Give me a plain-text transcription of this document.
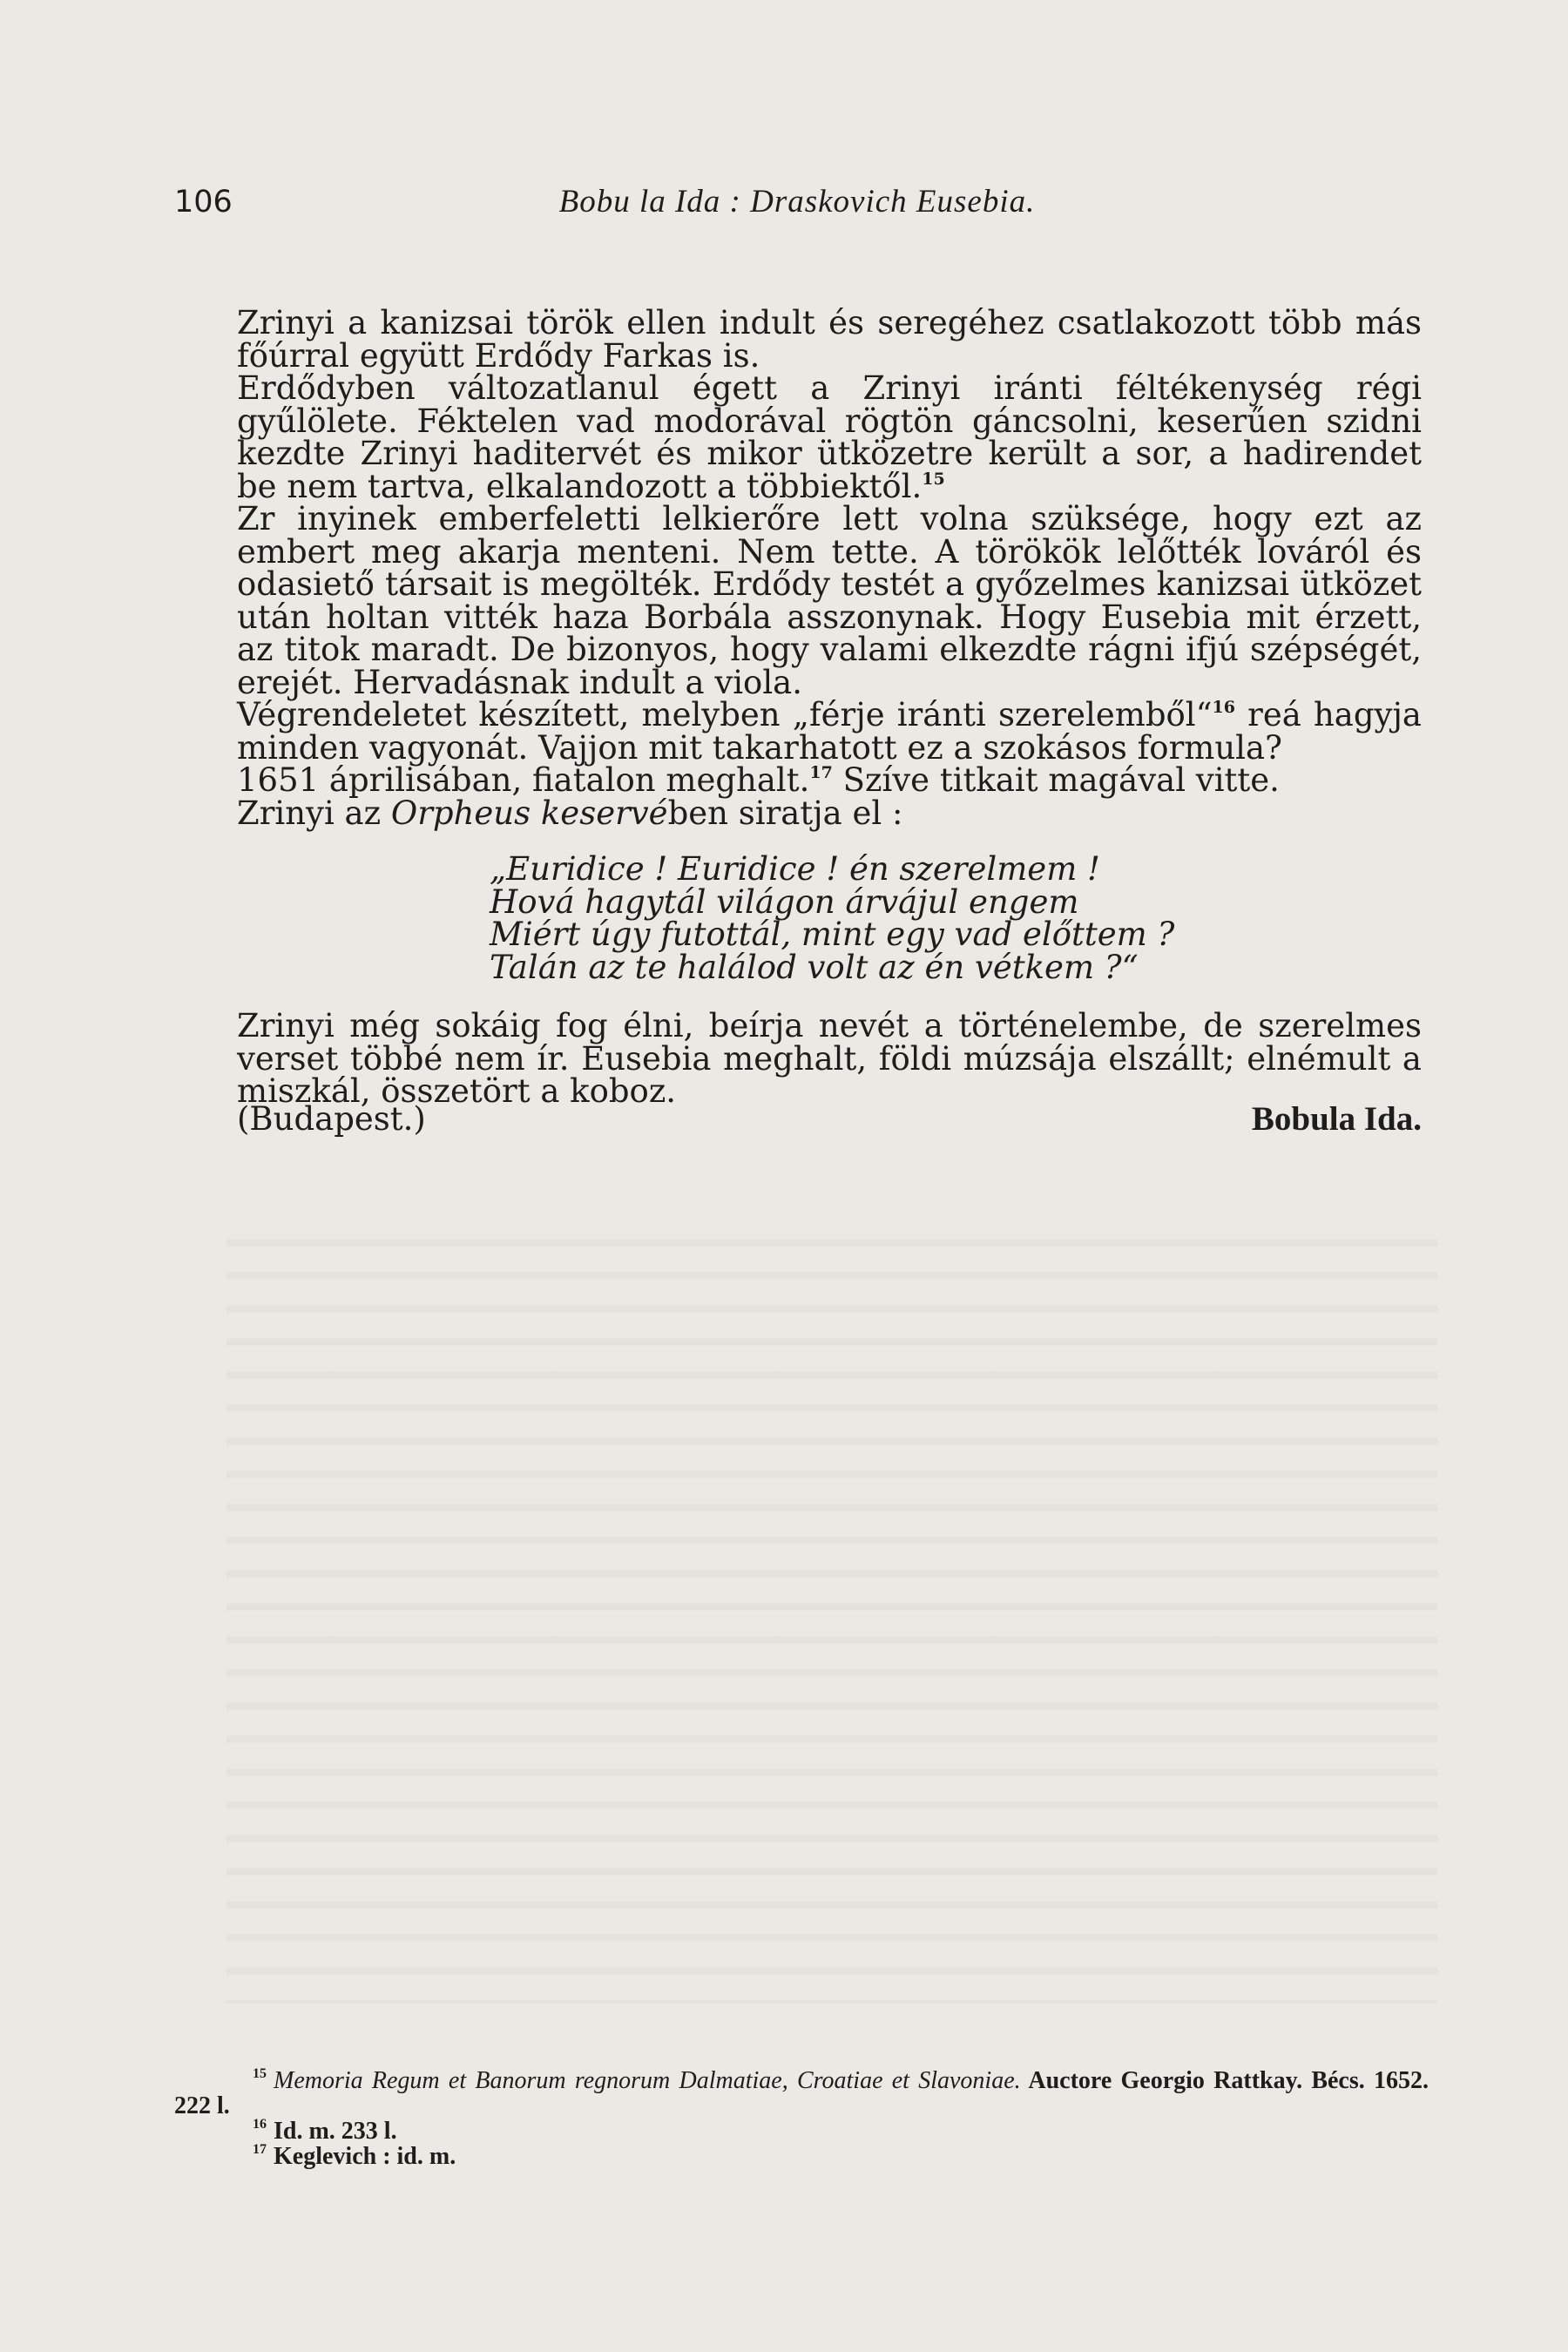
106	Bobu la Ida : Draskovich Eusebia.

Zrinyi a kanizsai török ellen indult és seregéhez csatlakozott több más főúrral együtt Erdődy Farkas is.

Erdődyben változatlanul égett a Zrinyi iránti féltékenység régi gyűlölete. Féktelen vad modorával rögtön gáncsolni, keserűen szidni kezdte Zrinyi haditervét és mikor ütközetre került a sor, a hadirendet be nem tartva, elkalandozott a többiektől.$^{15}$

Zr inyinek emberfeletti lelkierőre lett volna szüksége, hogy ezt az embert meg akarja menteni. Nem tette. A törökök lelőtték lováról és odasiető társait is megölték. Erdődy testét a győzelmes kanizsai ütközet után holtan vitték haza Borbála asszonynak. Hogy Eusebia mit érzett, az titok maradt. De bizonyos, hogy valami elkezdte rágni ifjú szépségét, erejét. Hervadásnak indult a viola.

Végrendeletet készített, melyben „férje iránti szerelemből“$^{16}$ reá hagyja minden vagyonát. Vajjon mit takarhatott ez a szokásos formula?

1651 áprilisában, fiatalon meghalt.$^{17}$ Szíve titkait magával vitte.

Zrinyi az Orpheus keservében siratja el :

„Euridice ! Euridice ! én szerelmem !
Hová hagytál világon árvájul engem
Miért úgy futottál, mint egy vad előttem ?
Talán az te halálod volt az én vétkem ?“

Zrinyi még sokáig fog élni, beírja nevét a történelembe, de szerelmes verset többé nem ír. Eusebia meghalt, földi múzsája elszállt; elnémult a miszkál, összetört a koboz.

(Budapest.)	Bobula Ida.

$^{15}$ Memoria Regum et Banorum regnorum Dalmatiae, Croatiae et Slavoniae. Auctore Georgio Rattkay. Bécs. 1652. 222 l.

$^{16}$ Id. m. 233 l.

$^{17}$ Keglevich : id. m.
